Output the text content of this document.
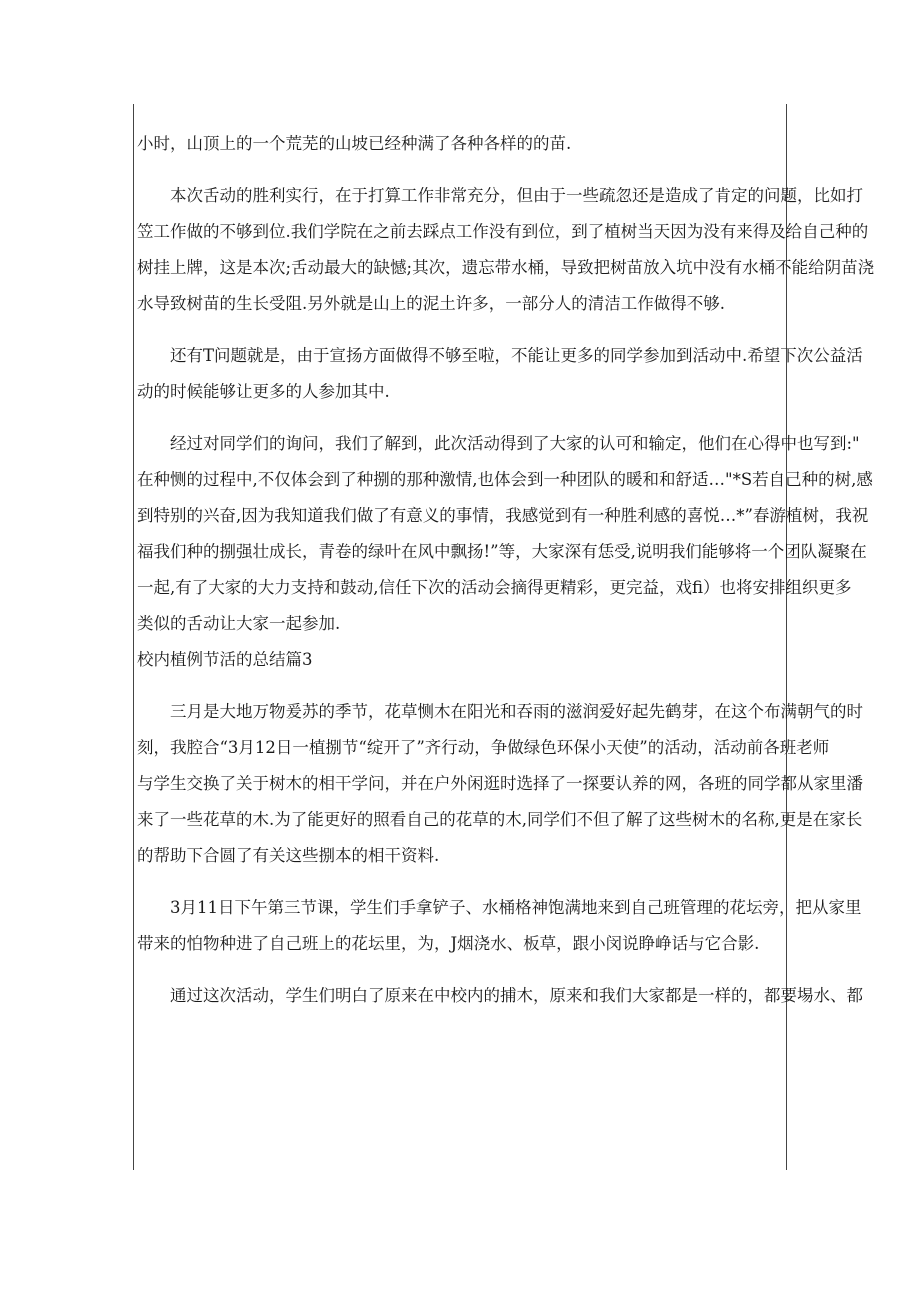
小时，山顶上的一个荒芜的山坡已经种满了各种各样的的苗.
本次舌动的胜利实行，在于打算工作非常充分，但由于一些疏忽还是造成了肯定的问题，比如打
笠工作做的不够到位.我们学院在之前去踩点工作没有到位，到了植树当天因为没有来得及给自己种的
树挂上牌，这是本次;舌动最大的缺憾;其次，遗忘带水桶，导致把树苗放入坑中没有水桶不能给阴苗浇
水导致树苗的生长受阻.另外就是山上的泥土许多，一部分人的清洁工作做得不够.
还有T问题就是，由于宣扬方面做得不够至啦，不能让更多的同学参加到活动中.希望下次公益活
动的时候能够让更多的人参加其中.
经过对同学们的询问，我们了解到，此次活动得到了大家的认可和输定，他们在心得中也写到:"
在种恻的过程中,不仅体会到了种捌的那种激情,也体会到一种团队的暖和和舒适…"*S若自己种的树,感
到特别的兴奋,因为我知道我们做了有意义的事情，我感觉到有一种胜利感的喜悦…*”春游植树，我祝
福我们种的捌强壮成长，青卷的绿叶在风中飘扬!”等，大家深有恁受,说明我们能够将一个团队凝聚在
一起,有了大家的大力支持和鼓动,信任下次的活动会摘得更精彩，更完益，戏fi）也将安排组织更多
类似的舌动让大家一起参加.
校内植例节活的总结篇3
三月是大地万物爰苏的季节，花草恻木在阳光和吞雨的滋润爱好起先鹤芽，在这个布满朝气的时
刻，我腔合“3月12日一植捌节“绽开了”齐行动，争做绿色环保小天使”的活动，活动前各班老师
与学生交换了关于树木的相干学问，并在户外闲逛时选择了一探要认养的网，各班的同学都从家里潘
来了一些花草的木.为了能更好的照看自己的花草的木,同学们不但了解了这些树木的名称,更是在家长
的帮助下合圆了有关这些捌本的相干资料.
3月11日下午第三节课，学生们手拿铲子、水桶格神饱满地来到自己班管理的花坛旁，把从家里
带来的怕物种进了自己班上的花坛里，为，J烟浇水、板草，跟小闵说睁峥话与它合影.
通过这次活动，学生们明白了原来在中校内的捕木，原来和我们大家都是一样的，都要埸水、都
